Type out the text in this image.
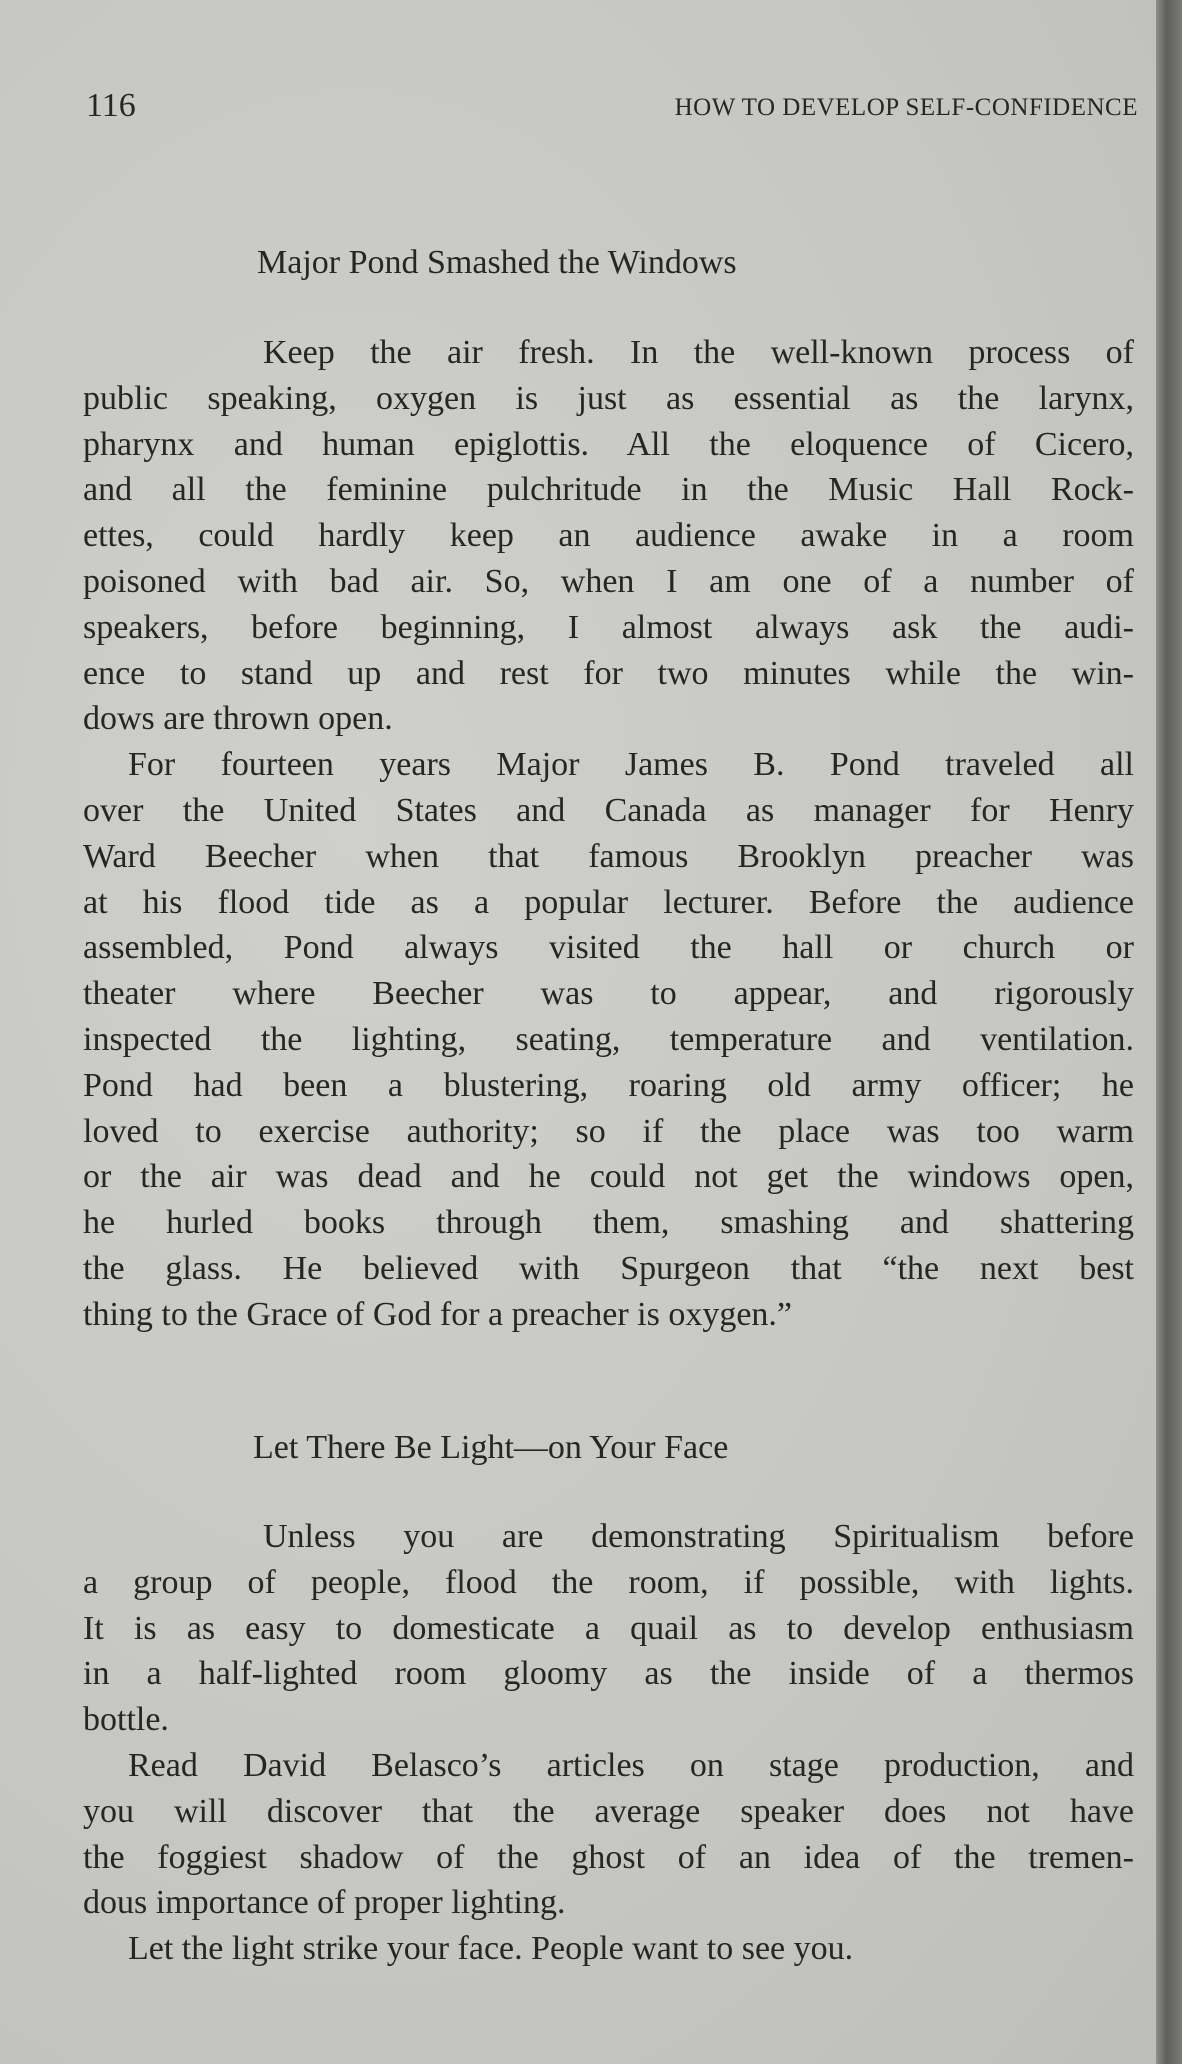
116	HOW TO DEVELOP SELF-CONFIDENCE
Major Pond Smashed the Windows
Keep the air fresh. In the well-known process of
public speaking, oxygen is just as essential as the larynx,
pharynx and human epiglottis. All the eloquence of Cicero,
and all the feminine pulchritude in the Music Hall Rock-
ettes, could hardly keep an audience awake in a room
poisoned with bad air. So, when I am one of a number of
speakers, before beginning, I almost always ask the audi-
ence to stand up and rest for two minutes while the win-
dows are thrown open.
For fourteen years Major James B. Pond traveled all
over the United States and Canada as manager for Henry
Ward Beecher when that famous Brooklyn preacher was
at his flood tide as a popular lecturer. Before the audience
assembled, Pond always visited the hall or church or
theater where Beecher was to appear, and rigorously
inspected the lighting, seating, temperature and ventilation.
Pond had been a blustering, roaring old army officer; he
loved to exercise authority; so if the place was too warm
or the air was dead and he could not get the windows open,
he hurled books through them, smashing and shattering
the glass. He believed with Spurgeon that “the next best
thing to the Grace of God for a preacher is oxygen.”
Let There Be Light—on Your Face
Unless you are demonstrating Spiritualism before
a group of people, flood the room, if possible, with lights.
It is as easy to domesticate a quail as to develop enthusiasm
in a half-lighted room gloomy as the inside of a thermos
bottle.
Read David Belasco’s articles on stage production, and
you will discover that the average speaker does not have
the foggiest shadow of the ghost of an idea of the tremen-
dous importance of proper lighting.
Let the light strike your face. People want to see you.
